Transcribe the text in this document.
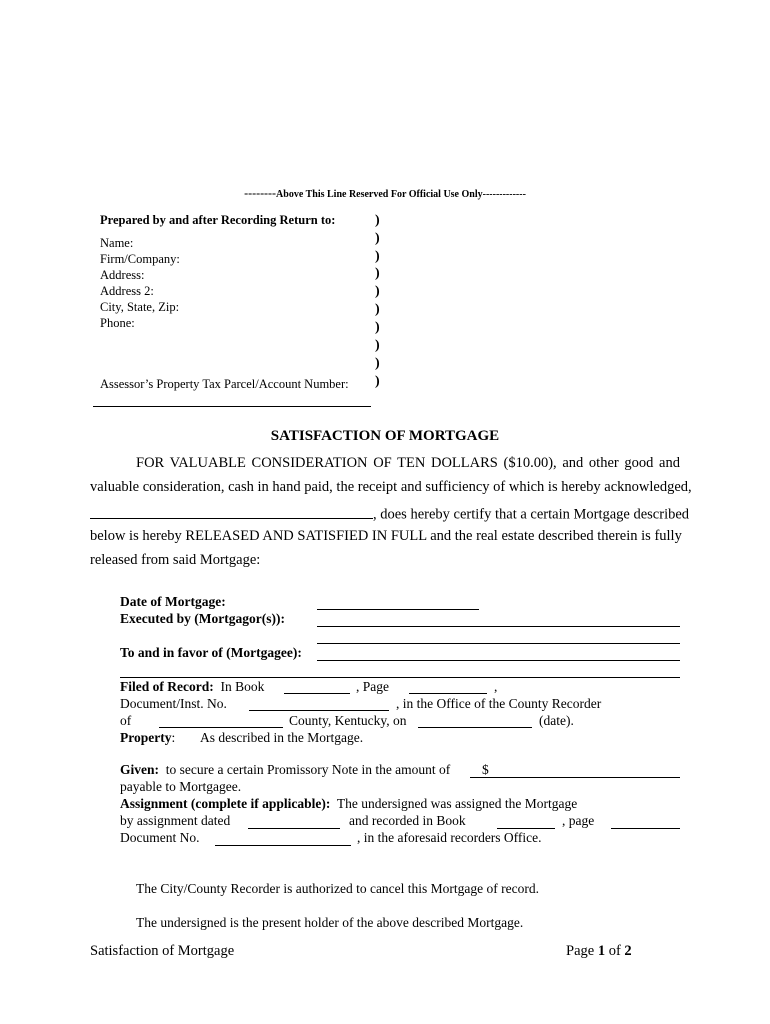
--------Above This Line Reserved For Official Use Only-------------
Prepared by and after Recording Return to:
Name:
Firm/Company:
Address:
Address 2:
City, State, Zip:
Phone:
Assessor’s Property Tax Parcel/Account Number:
)
)
)
)
)
)
)
)
)
)
SATISFACTION OF MORTGAGE
FOR VALUABLE CONSIDERATION OF TEN DOLLARS ($10.00), and other good and
valuable consideration, cash in hand paid, the receipt and sufficiency of which is hereby acknowledged,
, does hereby certify that a certain Mortgage described
below is hereby RELEASED AND SATISFIED IN FULL and the real estate described therein is fully
released from said Mortgage:
Date of Mortgage:
Executed by (Mortgagor(s)):
To and in favor of (Mortgagee):
Filed of Record: In Book	, Page	,
Document/Inst. No.	, in the Office of the County Recorder
of	County, Kentucky, on	(date).
Property: As described in the Mortgage.
Given: to secure a certain Promissory Note in the amount of $
payable to Mortgagee.
Assignment (complete if applicable): The undersigned was assigned the Mortgage
by assignment dated	and recorded in Book	, page
Document No.	, in the aforesaid recorders Office.
The City/County Recorder is authorized to cancel this Mortgage of record.
The undersigned is the present holder of the above described Mortgage.
Satisfaction of Mortgage	Page 1 of 2
